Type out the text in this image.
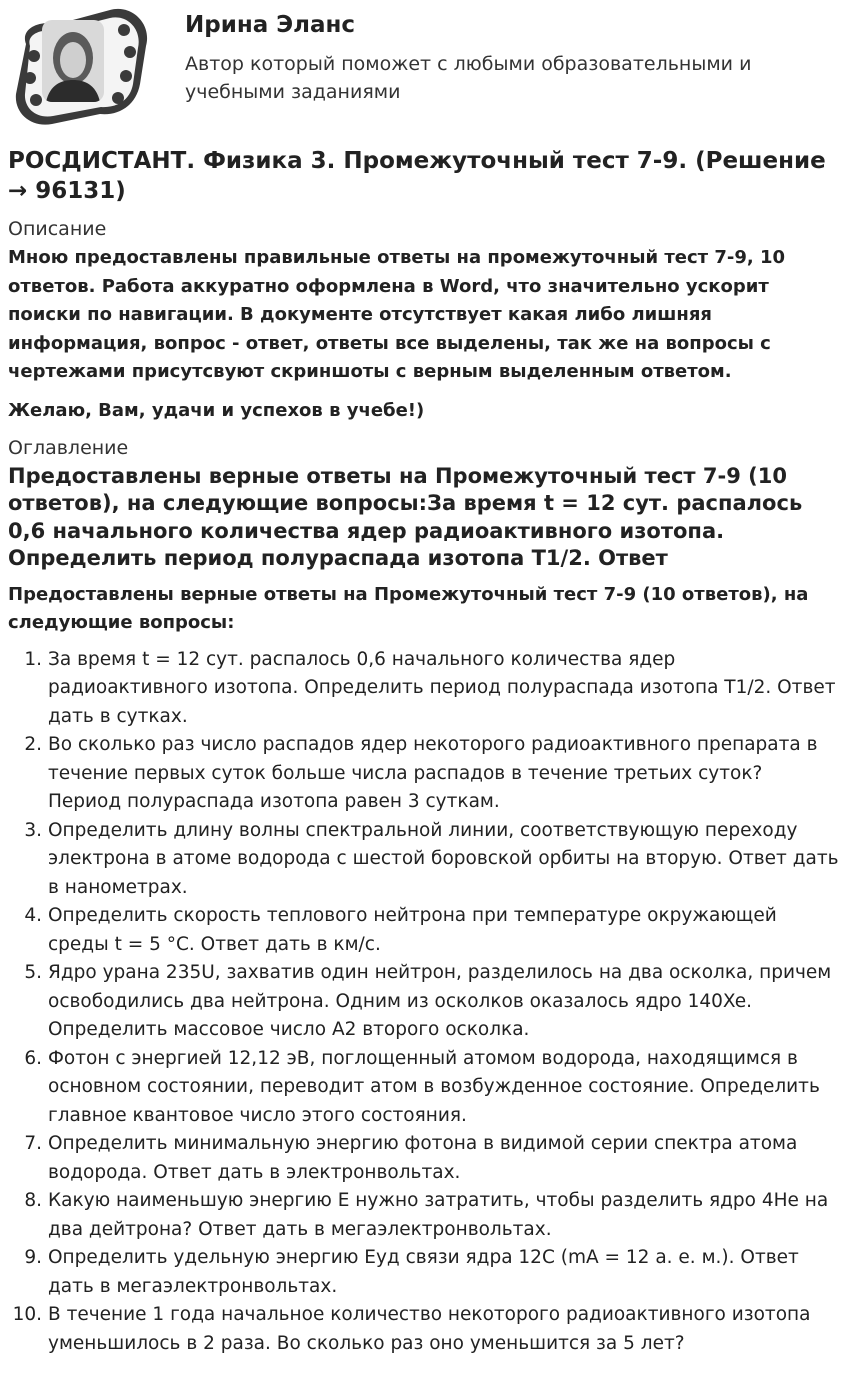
Ирина Эланс
Автор который поможет с любыми образовательными и учебными заданиями
РОСДИСТАНТ. Физика 3. Промежуточный тест 7-9. (Решение → 96131)
Описание
Мною предоставлены правильные ответы на промежуточный тест 7-9, 10 ответов. Работа аккуратно оформлена в Word, что значительно ускорит поиски по навигации. В документе отсутствует какая либо лишняя информация, вопрос - ответ, ответы все выделены, так же на вопросы с чертежами присутсвуют скриншоты с верным выделенным ответом.
Желаю, Вам, удачи и успехов в учебе!)
Оглавление
Предоставлены верные ответы на Промежуточный тест 7-9 (10 ответов), на следующие вопросы:За время t = 12 сут. распалось 0,6 начального количества ядер радиоактивного изотопа. Определить период полураспада изотопа T1/2. Ответ
Предоставлены верные ответы на Промежуточный тест 7-9 (10 ответов), на следующие вопросы:
1. За время t = 12 сут. распалось 0,6 начального количества ядер радиоактивного изотопа. Определить период полураспада изотопа T1/2. Ответ дать в сутках.
2. Во сколько раз число распадов ядер некоторого радиоактивного препарата в течение первых суток больше числа распадов в течение третьих суток? Период полураспада изотопа равен 3 суткам.
3. Определить длину волны спектральной линии, соответствующую переходу электрона в атоме водорода с шестой боровской орбиты на вторую. Ответ дать в нанометрах.
4. Определить скорость теплового нейтрона при температуре окружающей среды t = 5 °C. Ответ дать в км/с.
5. Ядро урана 235U, захватив один нейтрон, разделилось на два осколка, причем освободились два нейтрона. Одним из осколков оказалось ядро 140Xe. Определить массовое число A2 второго осколка.
6. Фотон с энергией 12,12 эВ, поглощенный атомом водорода, находящимся в основном состоянии, переводит атом в возбужденное состояние. Определить главное квантовое число этого состояния.
7. Определить минимальную энергию фотона в видимой серии спектра атома водорода. Ответ дать в электронвольтах.
8. Какую наименьшую энергию E нужно затратить, чтобы разделить ядро 4He на два дейтрона? Ответ дать в мегаэлектронвольтах.
9. Определить удельную энергию Eуд связи ядра 12C (mA = 12 а. е. м.). Ответ дать в мегаэлектронвольтах.
10. В течение 1 года начальное количество некоторого радиоактивного изотопа уменьшилось в 2 раза. Во сколько раз оно уменьшится за 5 лет?
